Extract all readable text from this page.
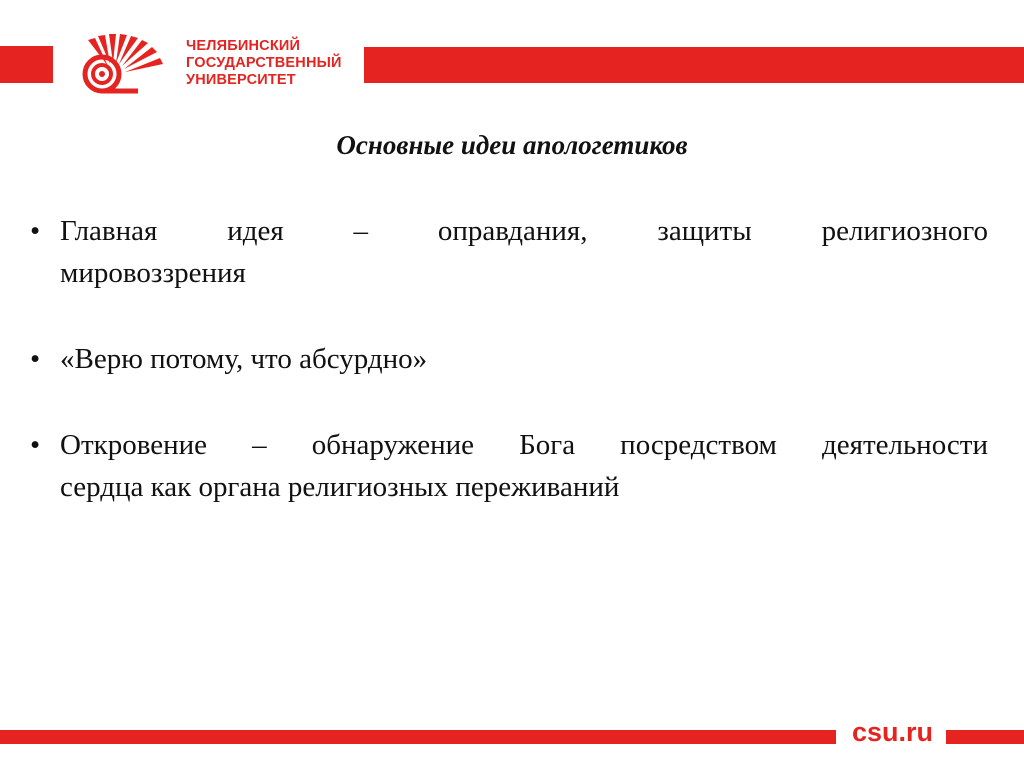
ЧЕЛЯБИНСКИЙ
ГОСУДАРСТВЕННЫЙ
УНИВЕРСИТЕТ
Основные идеи апологетиков
• Главная идея – оправдания, защиты религиозного
мировоззрения
• «Верю потому, что абсурдно»
• Откровение – обнаружение Бога посредством деятельности
сердца как органа религиозных переживаний
csu.ru
